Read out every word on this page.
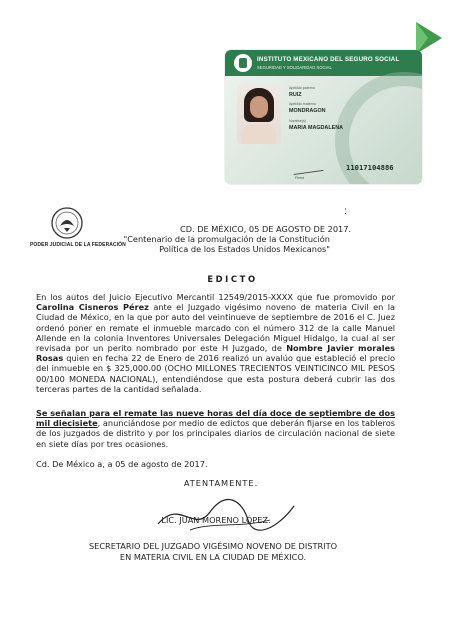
INSTITUTO MEXICANO DEL SEGURO SOCIAL
SEGURIDAD Y SOLIDARIDAD SOCIAL
Apellido paterno
RUIZ
Apellido materno
MONDRAGON
Nombre(s)
MARIA MAGDALENA
Firma
11017104886
:
PODER JUDICIAL DE LA FEDERACIÓN
CD. DE MÉXICO, 05 DE AGOSTO DE 2017.
"Centenario de la promulgación de la Constitución Política de los Estados Unidos Mexicanos"
EDICTO
En los autos del Juicio Ejecutivo Mercantil 12549/2015-XXXX que fue promovido por Carolina Cisneros Pérez ante el Juzgado vigésimo noveno de materia Civil en la Ciudad de México, en la que por auto del veintinueve de septiembre de 2016 el C. Juez ordenó poner en remate el inmueble marcado con el número 312 de la calle Manuel Allende en la colonia Inventores Universales Delegación Miguel Hidalgo, la cual al ser revisada por un perito nombrado por este H Juzgado, de Nombre Javier morales Rosas quien en fecha 22 de Enero de 2016 realizó un avalúo que estableció el precio del inmueble en $ 325,000.00 (OCHO MILLONES TRECIENTOS VEINTICINCO MIL PESOS 00/100 MONEDA NACIONAL), entendiéndose que esta postura deberá cubrir las dos terceras partes de la cantidad señalada.
Se señalan para el remate las nueve horas del día doce de septiembre de dos mil diecisiete, anunciándose por medio de edictos que deberán fijarse en los tableros de los juzgados de distrito y por los principales diarios de circulación nacional de siete en siete días por tres ocasiones.
Cd. De México a, a 05 de agosto de 2017.
ATENTAMENTE.
LIC. JUAN MORENO LÓPEZ.
SECRETARIO DEL JUZGADO VIGÉSIMO NOVENO DE DISTRITO
EN MATERIA CIVIL EN LA CIUDAD DE MÉXICO.
